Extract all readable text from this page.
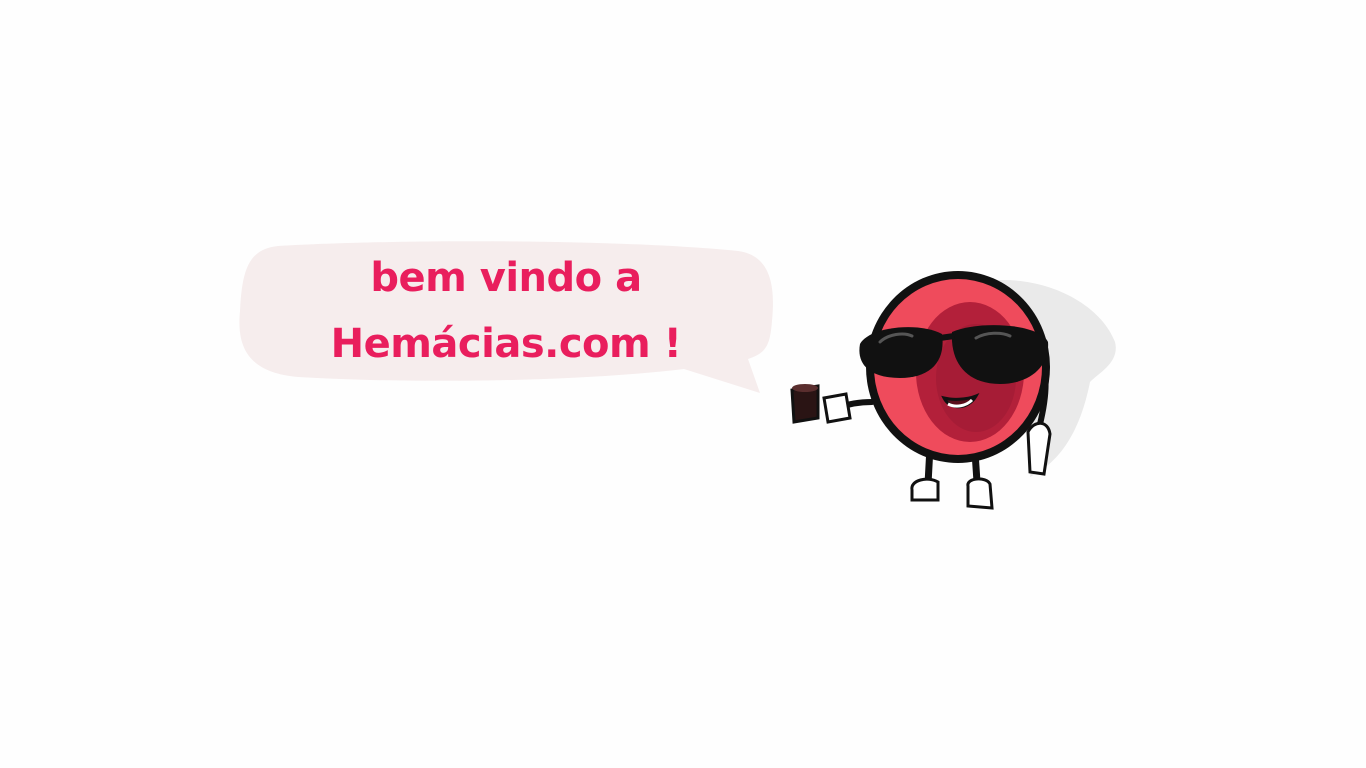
bem vindo a
Hemácias.com !
